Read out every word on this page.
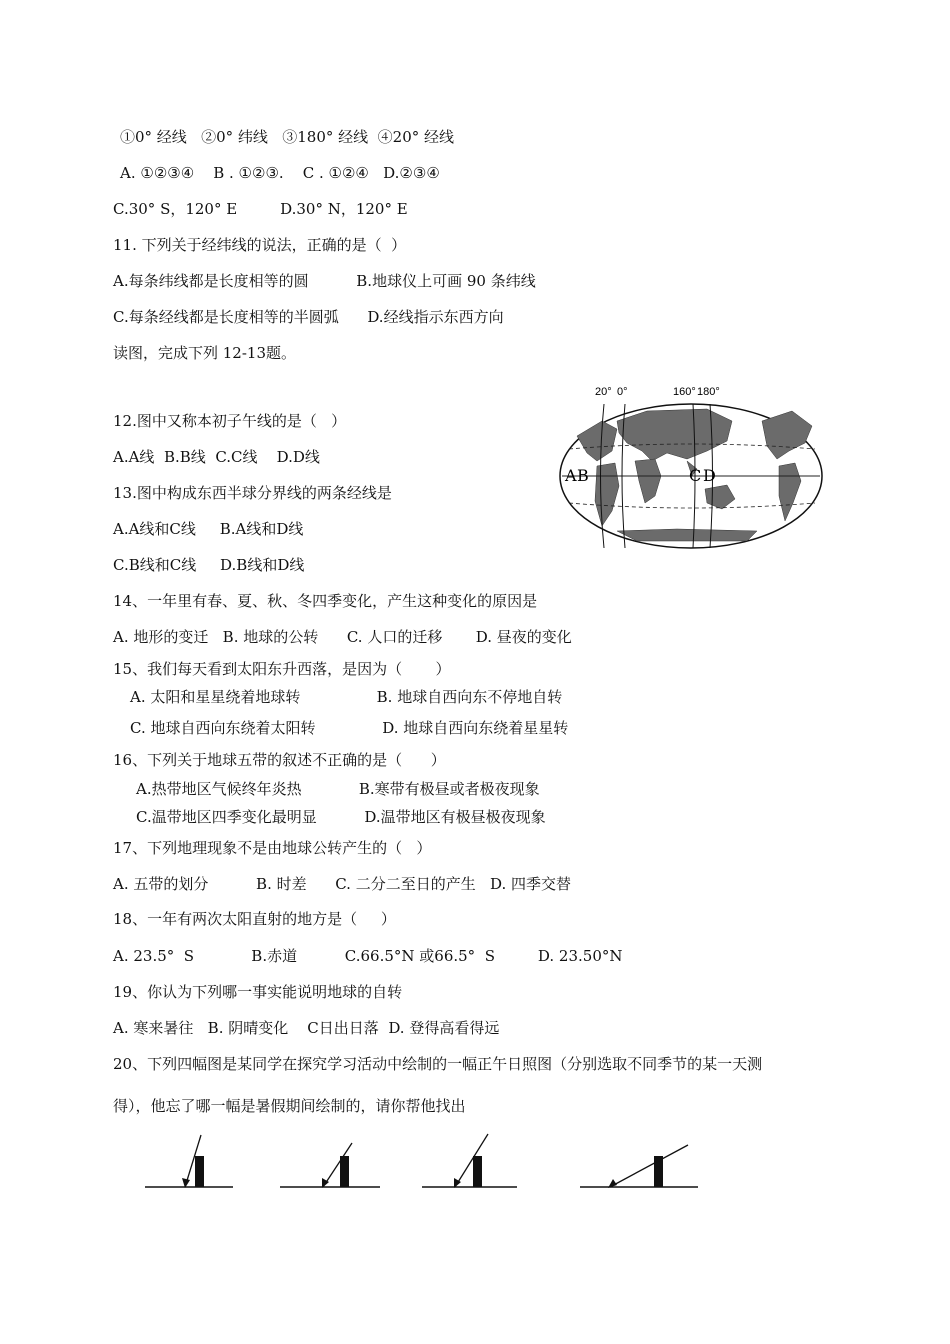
①0° 经线   ②0° 纬线   ③180° 经线  ④20° 经线
A. ①②③④    B . ①②③.    C . ①②④   D.②③④
C.30° S，120° E         D.30° N，120° E
11. 下列关于经纬线的说法，正确的是（  ）
A.每条纬线都是长度相等的圆          B.地球仪上可画 90 条纬线
C.每条经线都是长度相等的半圆弧      D.经线指示东西方向
读图，完成下列 12-13题。
12.图中又称本初子午线的是（   ）
A.A线  B.B线  C.C线    D.D线
13.图中构成东西半球分界线的两条经线是
A.A线和C线     B.A线和D线
C.B线和C线     D.B线和D线
20° 0°	160° 180°
A B	C D
14、一年里有春、夏、秋、冬四季变化，产生这种变化的原因是
A. 地形的变迁   B. 地球的公转      C. 人口的迁移       D. 昼夜的变化
15、我们每天看到太阳东升西落，是因为（       ）
A. 太阳和星星绕着地球转                B. 地球自西向东不停地自转
C. 地球自西向东绕着太阳转              D. 地球自西向东绕着星星转
16、下列关于地球五带的叙述不正确的是（      ）
A.热带地区气候终年炎热            B.寒带有极昼或者极夜现象
C.温带地区四季变化最明显          D.温带地区有极昼极夜现象
17、下列地理现象不是由地球公转产生的（   ）
A. 五带的划分          B. 时差      C. 二分二至日的产生   D. 四季交替
18、一年有两次太阳直射的地方是（     ）
A. 23.5°  S            B.赤道          C.66.5°N 或66.5°  S         D. 23.50°N
19、你认为下列哪一事实能说明地球的自转
A. 寒来暑往   B. 阴晴变化    C日出日落  D. 登得高看得远
20、下列四幅图是某同学在探究学习活动中绘制的一幅正午日照图（分别选取不同季节的某一天测
得），他忘了哪一幅是暑假期间绘制的，请你帮他找出
